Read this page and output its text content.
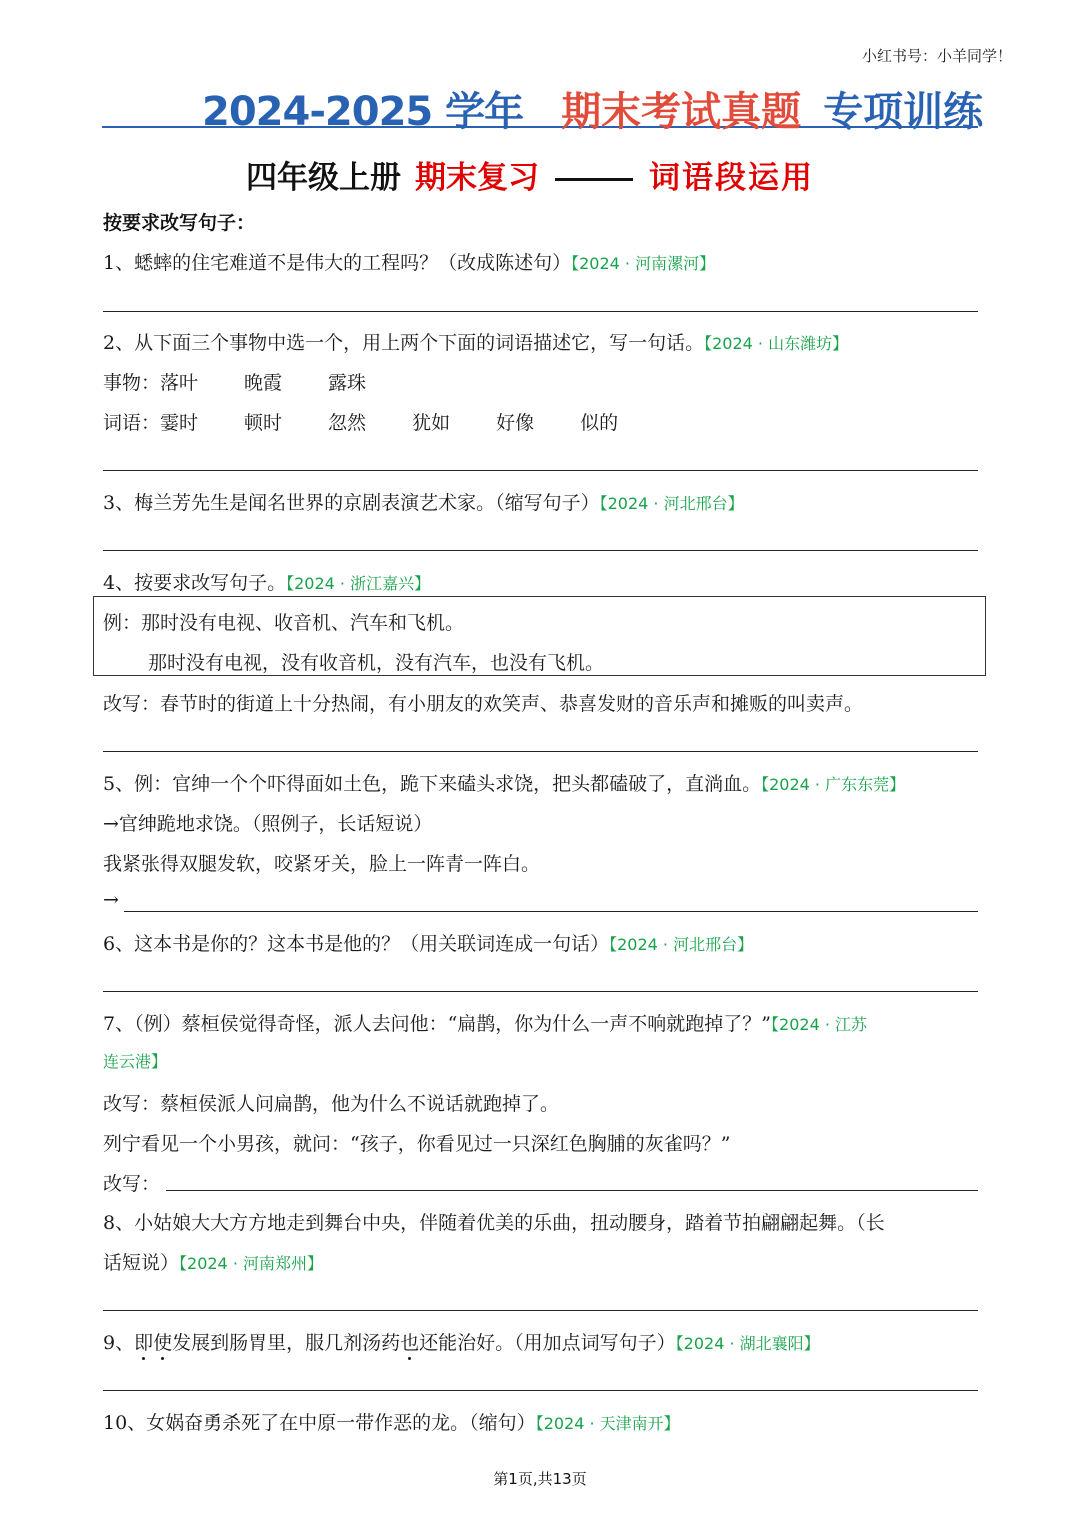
小红书号：小羊同学！
2024-2025 学年 期末考试真题 专项训练
四年级上册 期末复习	词语段运用
按要求改写句子：
1、蟋蟀的住宅难道不是伟大的工程吗？（改成陈述句）【2024 · 河南漯河】
2、从下面三个事物中选一个，用上两个下面的词语描述它，写一句话。【2024 · 山东潍坊】
事物：落叶 晚霞 露珠
词语：霎时 顿时 忽然 犹如 好像 似的
3、梅兰芳先生是闻名世界的京剧表演艺术家。（缩写句子）【2024 · 河北邢台】
4、按要求改写句子。【2024 · 浙江嘉兴】
例：那时没有电视、收音机、汽车和飞机。
那时没有电视，没有收音机，没有汽车，也没有飞机。
改写：春节时的街道上十分热闹，有小朋友的欢笑声、恭喜发财的音乐声和摊贩的叫卖声。
5、例：官绅一个个吓得面如土色，跪下来磕头求饶，把头都磕破了，直淌血。【2024 · 广东东莞】
→官绅跪地求饶。（照例子，长话短说）
我紧张得双腿发软，咬紧牙关，脸上一阵青一阵白。
→
6、这本书是你的？这本书是他的？（用关联词连成一句话）【2024 · 河北邢台】
7、（例）蔡桓侯觉得奇怪，派人去问他：“扁鹊，你为什么一声不响就跑掉了？”【2024 · 江苏
连云港】
改写：蔡桓侯派人问扁鹊，他为什么不说话就跑掉了。
列宁看见一个小男孩，就问：“孩子，你看见过一只深红色胸脯的灰雀吗？”
改写：
8、小姑娘大大方方地走到舞台中央，伴随着优美的乐曲，扭动腰身，踏着节拍翩翩起舞。（长
话短说）【2024 · 河南郑州】
9、即使发展到肠胃里，服几剂汤药也还能治好。（用加点词写句子）【2024 · 湖北襄阳】
10、女娲奋勇杀死了在中原一带作恶的龙。（缩句）【2024 · 天津南开】
第1页,共13页
